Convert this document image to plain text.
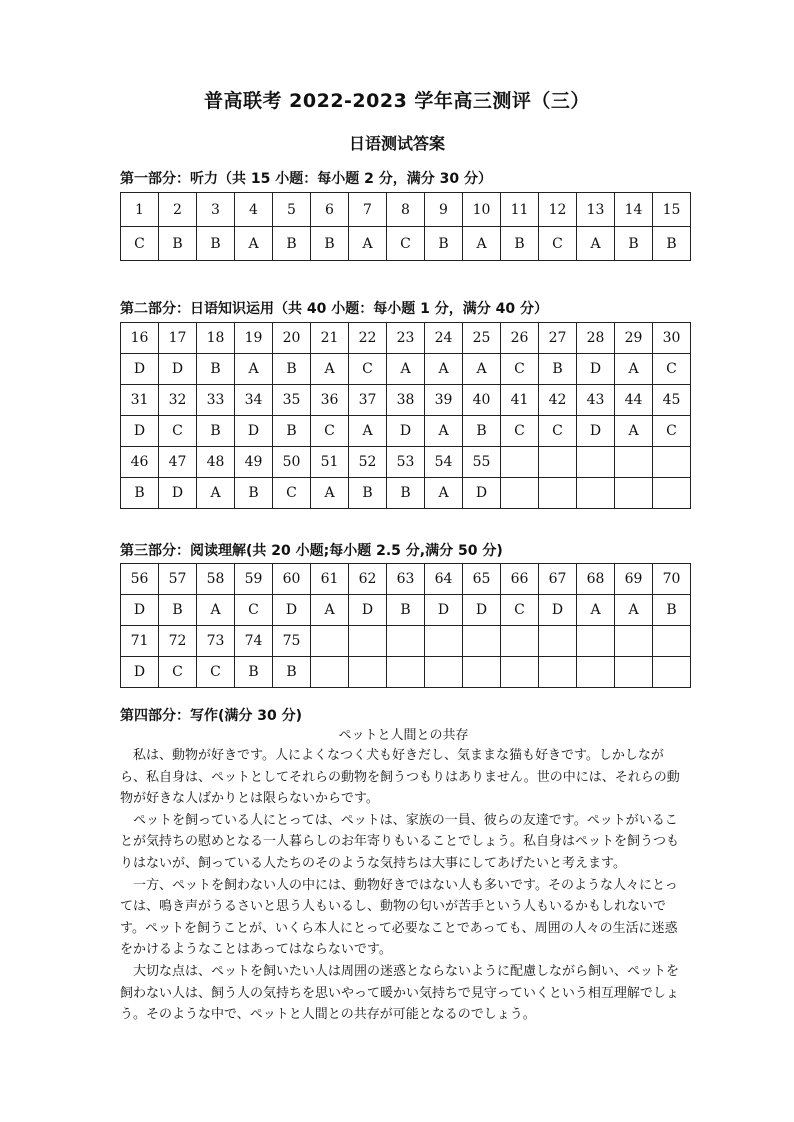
普高联考 2022-2023 学年高三测评（三）
日语测试答案
第一部分：听力（共 15 小题：每小题 2 分，满分 30 分）
1	2	3	4	5	6	7	8	9	10	11	12	13	14	15
C	B	B	A	B	B	A	C	B	A	B	C	A	B	B
第二部分：日语知识运用（共 40 小题：每小题 1 分，满分 40 分）
16	17	18	19	20	21	22	23	24	25	26	27	28	29	30
D	D	B	A	B	A	C	A	A	A	C	B	D	A	C
31	32	33	34	35	36	37	38	39	40	41	42	43	44	45
D	C	B	D	B	C	A	D	A	B	C	C	D	A	C
46	47	48	49	50	51	52	53	54	55					
B	D	A	B	C	A	B	B	A	D					
第三部分：阅读理解(共 20 小题;每小题 2.5 分,满分 50 分)
56	57	58	59	60	61	62	63	64	65	66	67	68	69	70
D	B	A	C	D	A	D	B	D	D	C	D	A	A	B
71	72	73	74	75										
D	C	C	B	B										
第四部分：写作(满分 30 分)
ペットと人間との共存

　私は、動物が好きです。人によくなつく犬も好きだし、気ままな猫も好きです。しかしながら、私自身は、ペットとしてそれらの動物を飼うつもりはありません。世の中には、それらの動物が好きな人ばかりとは限らないからです。

　ペットを飼っている人にとっては、ペットは、家族の一員、彼らの友達です。ペットがいることが気持ちの慰めとなる一人暮らしのお年寄りもいることでしょう。私自身はペットを飼うつもりはないが、飼っている人たちのそのような気持ちは大事にしてあげたいと考えます。

　一方、ペットを飼わない人の中には、動物好きではない人も多いです。そのような人々にとっては、鳴き声がうるさいと思う人もいるし、動物の匂いが苦手という人もいるかもしれないです。ペットを飼うことが、いくら本人にとって必要なことであっても、周囲の人々の生活に迷惑をかけるようなことはあってはならないです。

　大切な点は、ペットを飼いたい人は周囲の迷惑とならないように配慮しながら飼い、ペットを飼わない人は、飼う人の気持ちを思いやって暖かい気持ちで見守っていくという相互理解でしょう。そのような中で、ペットと人間との共存が可能となるのでしょう。
